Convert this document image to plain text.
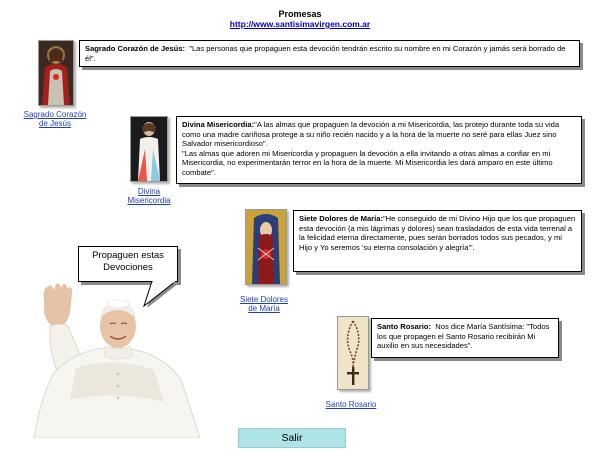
Promesas
http://www.santisimavirgen.com.ar
Sagrado Corazón
de Jesús
Sagrado Corazón de Jesús: "Las personas que propaguen esta devoción tendrán escrito su nombre en mi Corazón y jamás será borrado de él".
Divina
Misericordia
Divina Misericordia:"A las almas que propaguen la devoción a mi Misericordia, las protejo durante toda su vida como una madre cariñosa protege a su niño recién nacido y a la hora de la muerte no seré para ellas Juez sino Salvador misericordioso".
"Las almas que adoren mi Misericordia y propaguen la devoción a ella invitando a otras almas a confiar en mi Misericordia, no experimentarán terror en la hora de la muerte. Mi Misericordia les dará amparo en este último combate".
Siete Dolores
de María
Siete Dolores de María:"He conseguido de mi Divino Hijo que los que propaguen esta devoción (a mis lágrimas y dolores) sean trasladados de esta vida terrenal a la felicidad eterna directamente, pues serán borrados todos sus pecados, y mi Hijo y Yo seremos 'su eterna consolación y alegría'".
Santo Rosario
Santo Rosario: Nos dice María Santísima: "Todos los que propagen el Santo Rosario recibirán Mi auxilio en sus necesidades".
Propaguen estas
Devociones
Salir
